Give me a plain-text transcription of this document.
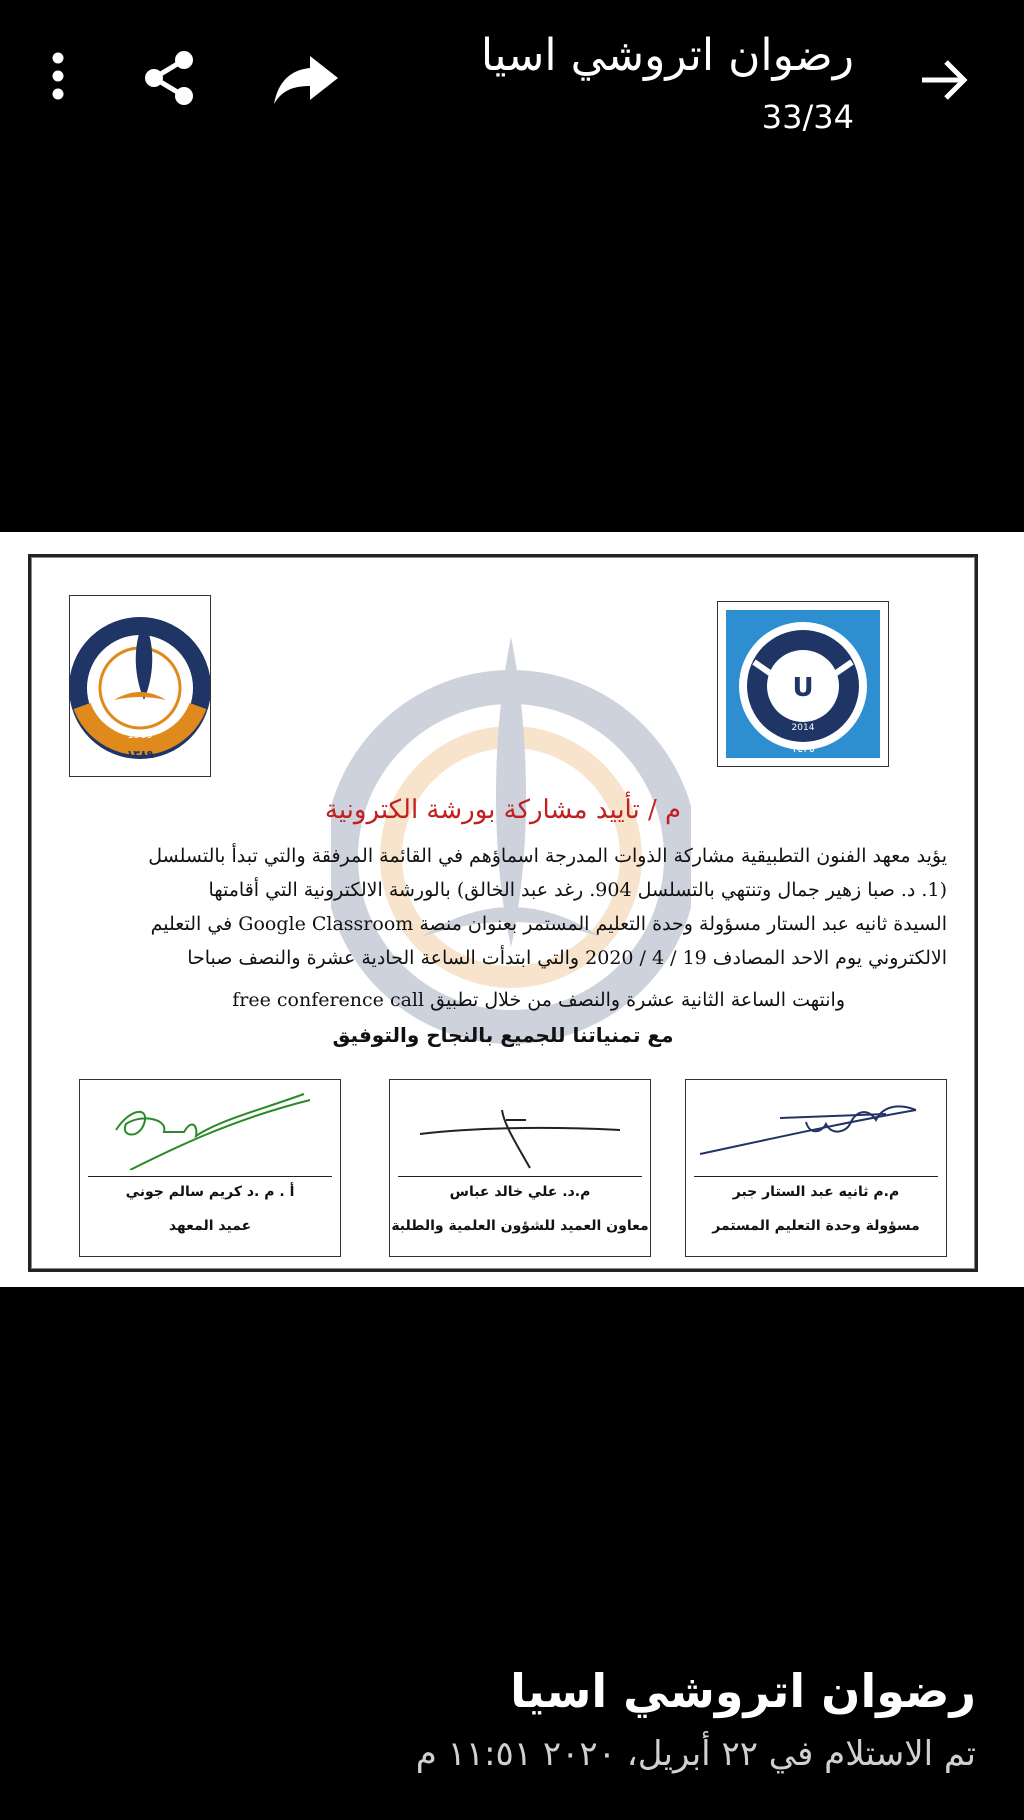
رضوان اتروشي اسيا
33/34
1969
١٣٨٩
U
2014
١٤٣٥
م / تأييد مشاركة بورشة الكترونية
يؤيد معهد الفنون التطبيقية مشاركة الذوات المدرجة اسماؤهم في القائمة المرفقة والتي تبدأ بالتسلسل
(1. د. صبا زهير جمال وتنتهي بالتسلسل 904. رغد عبد الخالق) بالورشة الالكترونية التي أقامتها
السيدة ثانيه عبد الستار مسؤولة وحدة التعليم المستمر بعنوان منصة Google Classroom في التعليم
الالكتروني يوم الاحد المصادف 19 / 4 / 2020 والتي ابتدأت الساعة الحادية عشرة والنصف صباحا
وانتهت الساعة الثانية عشرة والنصف من خلال تطبيق free conference call
مع تمنياتنا للجميع بالنجاح والتوفيق
أ . م .د كريم سالم جوني
عميد المعهد
م.د. علي خالد عباس
معاون العميد للشؤون العلمية والطلبة
م.م ثانيه عبد الستار جبر
مسؤولة وحدة التعليم المستمر
رضوان اتروشي اسيا
تم الاستلام في ٢٢ أبريل، ٢٠٢٠ ١١:٥١ م
